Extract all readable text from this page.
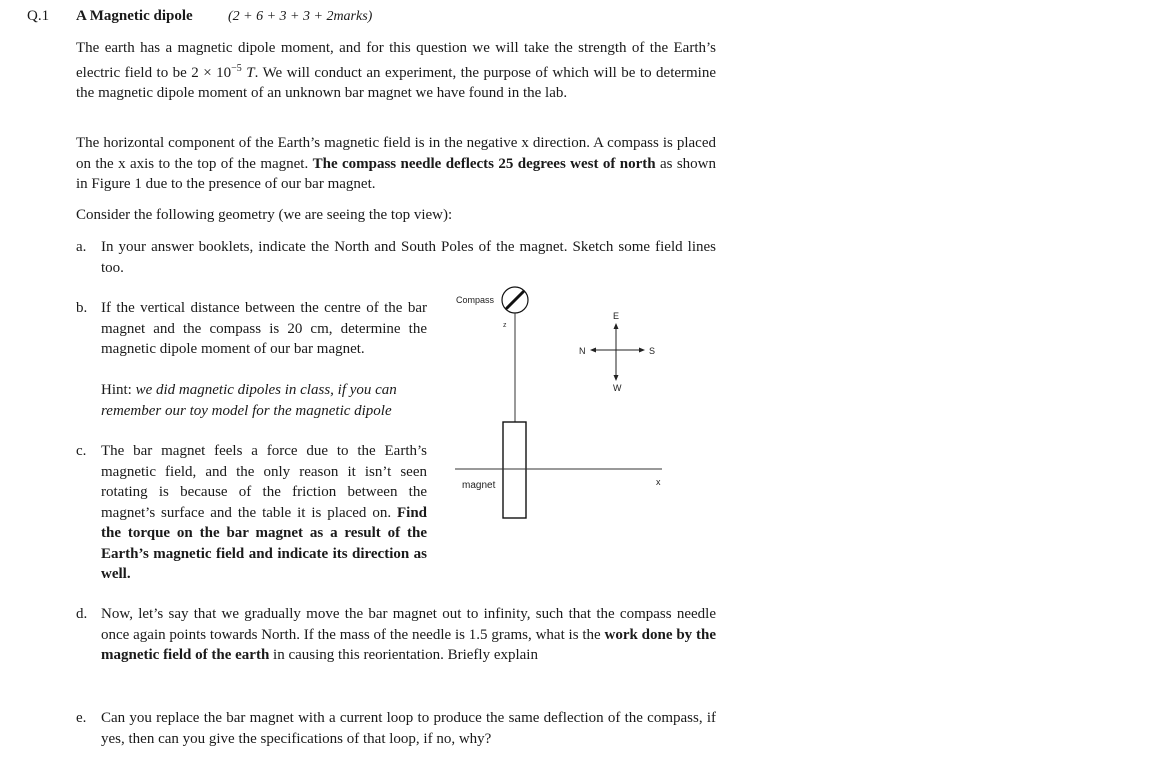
Q.1 A Magnetic dipole	(2 + 6 + 3 + 3 + 2marks)
The earth has a magnetic dipole moment, and for this question we will take the strength of the Earth’s electric field to be $2 \times 10^{-5}$ T. We will conduct an experiment, the purpose of which will be to determine the magnetic dipole moment of an unknown bar magnet we have found in the lab.
The horizontal component of the Earth’s magnetic field is in the negative x direction. A compass is placed on the x axis to the top of the magnet. The compass needle deflects 25 degrees west of north as shown in Figure 1 due to the presence of our bar magnet.
Consider the following geometry (we are seeing the top view):
a. In your answer booklets, indicate the North and South Poles of the magnet. Sketch some field lines too.
b. If the vertical distance between the centre of the bar magnet and the compass is 20 cm, determine the magnetic dipole moment of our bar magnet.
Hint: we did magnetic dipoles in class, if you can remember our toy model for the magnetic dipole
c. The bar magnet feels a force due to the Earth’s magnetic field, and the only reason it isn’t seen rotating is because of the friction between the magnet’s surface and the table it is placed on. Find the torque on the bar magnet as a result of the Earth’s magnetic field and indicate its direction as well.
d. Now, let’s say that we gradually move the bar magnet out to infinity, such that the compass needle once again points towards North. If the mass of the needle is 1.5 grams, what is the work done by the magnetic field of the earth in causing this reorientation. Briefly explain
e. Can you replace the bar magnet with a current loop to produce the same deflection of the compass, if yes, then can you give the specifications of that loop, if no, why?
Compass
z
x
magnet
E
W
N	S
